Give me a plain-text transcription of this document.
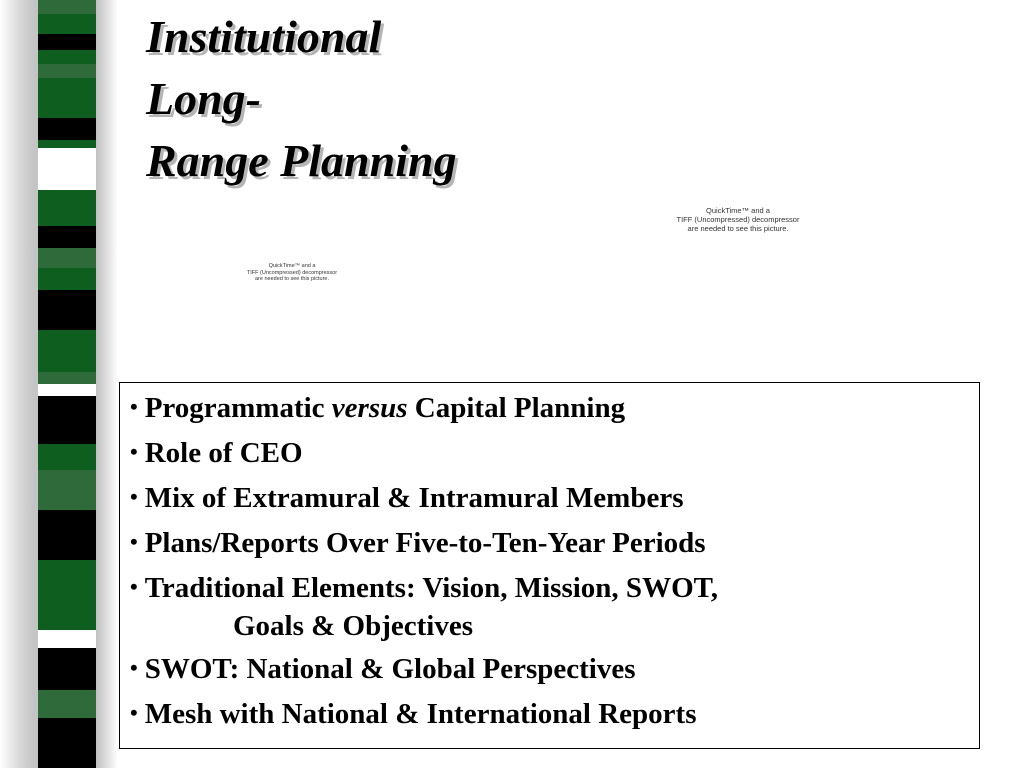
Institutional
Long-
Range Planning
QuickTime™ and a
TIFF (Uncompressed) decompressor
are needed to see this picture.
QuickTime™ and a
TIFF (Uncompressed) decompressor
are needed to see this picture.
• Programmatic versus Capital Planning
• Role of CEO
• Mix of Extramural & Intramural Members
• Plans/Reports Over Five-to-Ten-Year Periods
• Traditional Elements: Vision, Mission, SWOT,
Goals & Objectives
• SWOT: National & Global Perspectives
• Mesh with National & International Reports
